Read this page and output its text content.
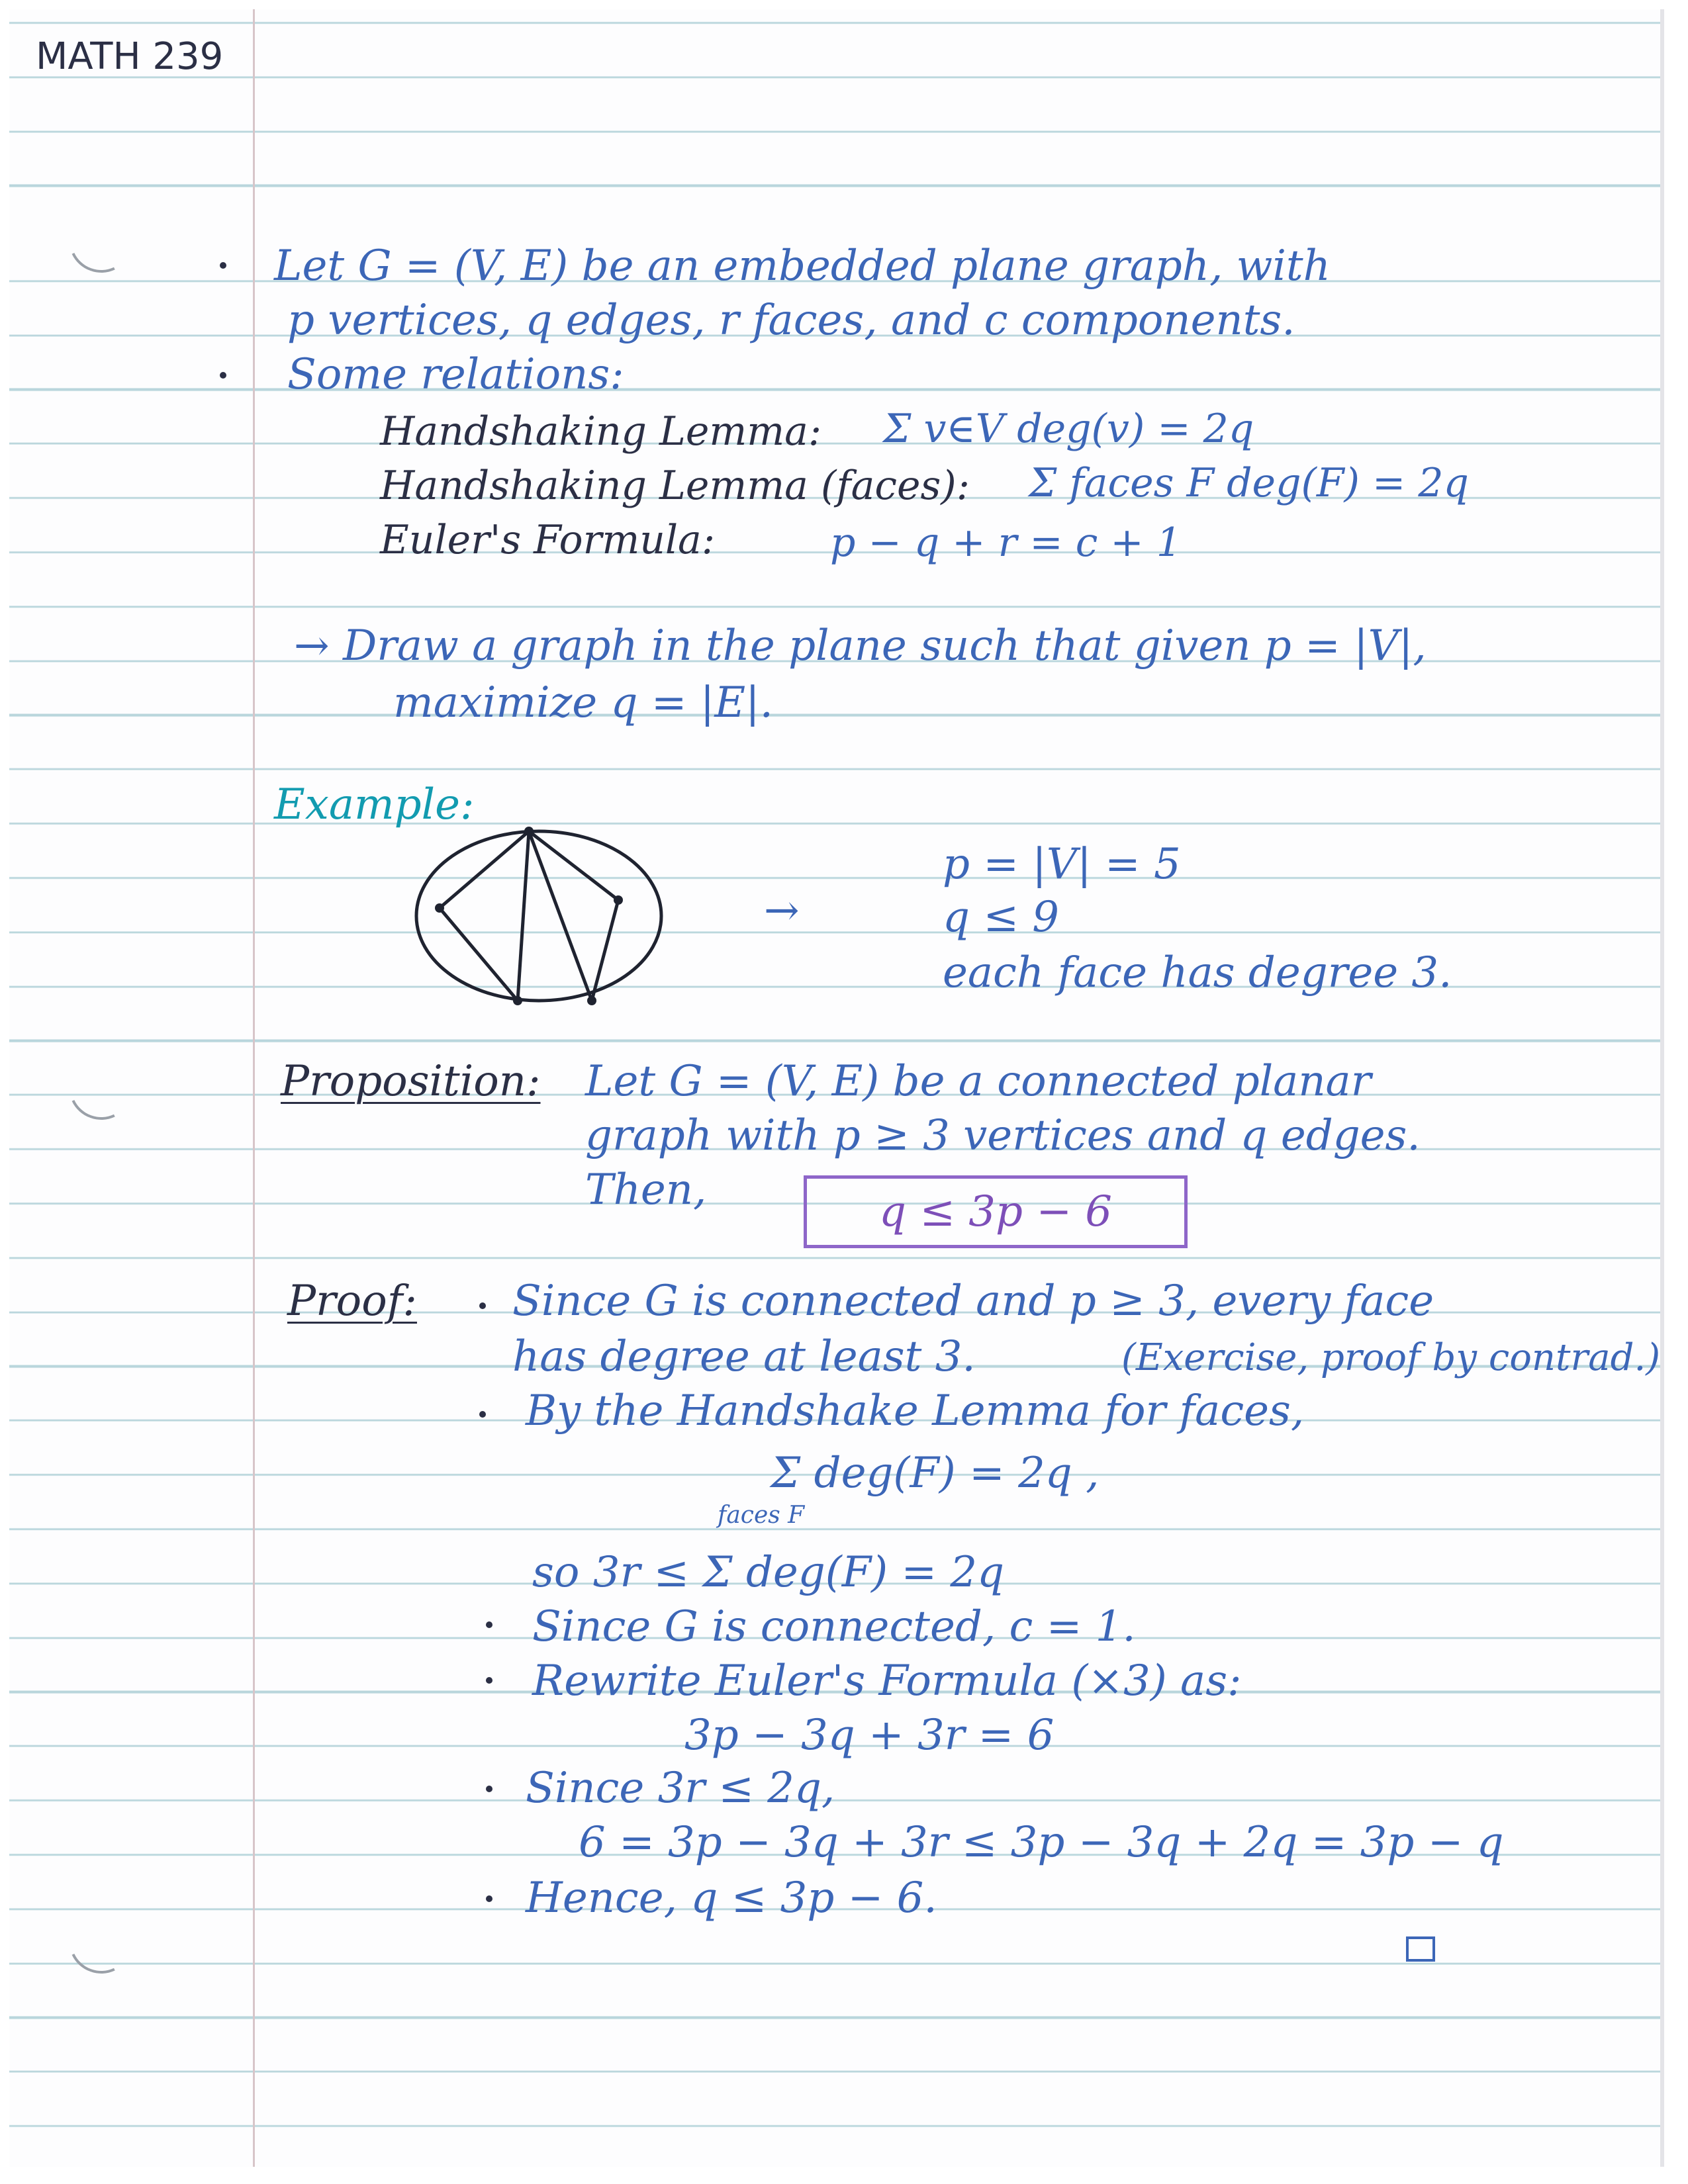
MATH 239
Let G = (V, E) be an embedded plane graph, with
p vertices, q edges, r faces, and c components.
Some relations:
Handshaking Lemma: Σ v∈V deg(v) = 2q
Handshaking Lemma (faces): Σ faces F deg(F) = 2q
Euler's Formula:	p − q + r = c + 1
→ Draw a graph in the plane such that given p = |V|,
maximize q = |E|.
Example:
→
p = |V| = 5
q ≤ 9
each face has degree 3.
Proposition: Let G = (V, E) be a connected planar
graph with p ≥ 3 vertices and q edges.
Then,	q ≤ 3p − 6
Proof: Since G is connected and p ≥ 3, every face
has degree at least 3.	(Exercise, proof by contrad.)
By the Handshake Lemma for faces,
Σ deg(F) = 2q ,
faces F
so 3r ≤ Σ deg(F) = 2q
Since G is connected, c = 1.
Rewrite Euler's Formula (×3) as:
3p − 3q + 3r = 6
Since 3r ≤ 2q,
6 = 3p − 3q + 3r ≤ 3p − 3q + 2q = 3p − q
Hence, q ≤ 3p − 6.
